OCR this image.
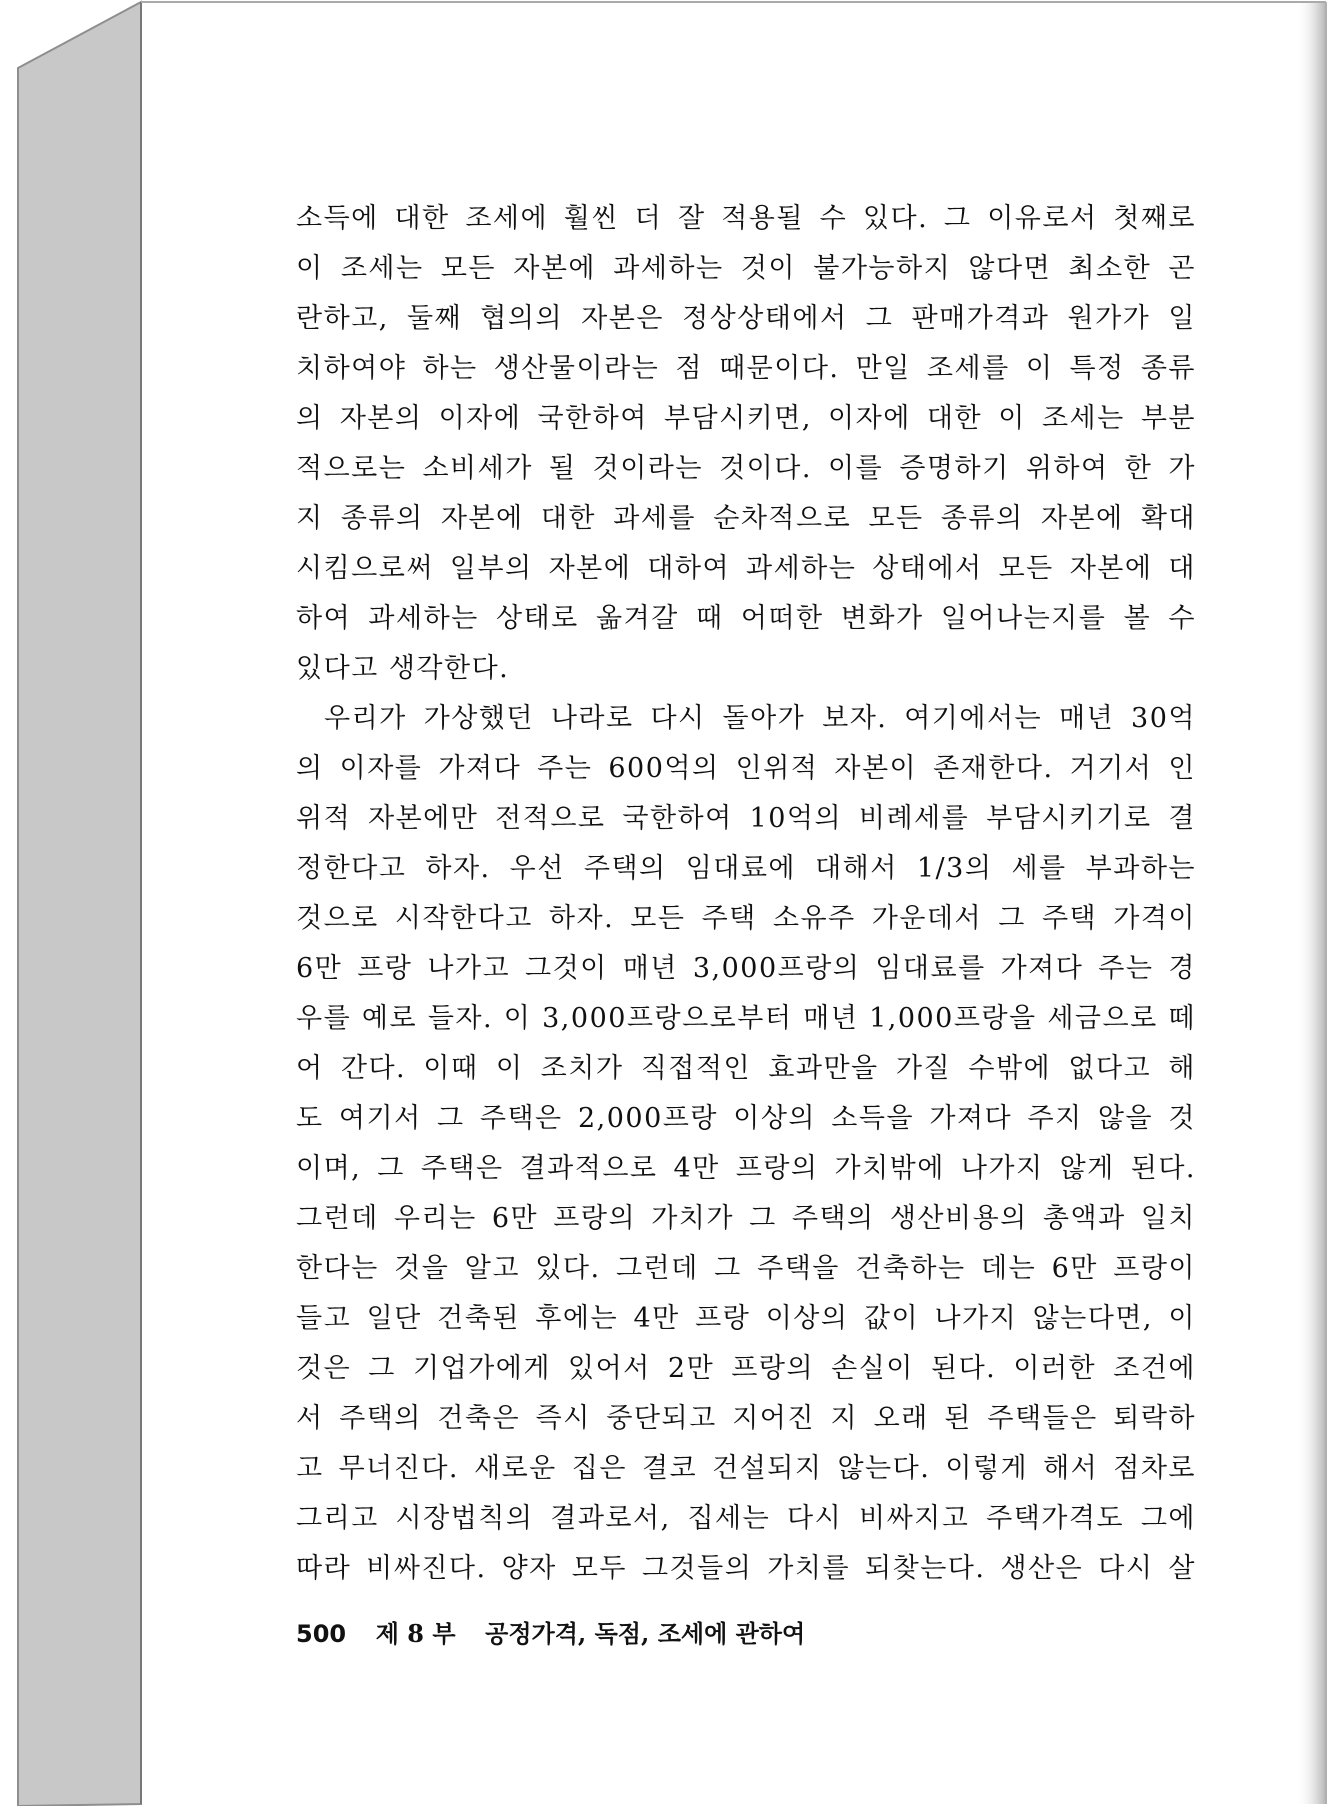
소득에 대한 조세에 훨씬 더 잘 적용될 수 있다. 그 이유로서 첫째로
이 조세는 모든 자본에 과세하는 것이 불가능하지 않다면 최소한 곤
란하고, 둘째 협의의 자본은 정상상태에서 그 판매가격과 원가가 일
치하여야 하는 생산물이라는 점 때문이다. 만일 조세를 이 특정 종류
의 자본의 이자에 국한하여 부담시키면, 이자에 대한 이 조세는 부분
적으로는 소비세가 될 것이라는 것이다. 이를 증명하기 위하여 한 가
지 종류의 자본에 대한 과세를 순차적으로 모든 종류의 자본에 확대
시킴으로써 일부의 자본에 대하여 과세하는 상태에서 모든 자본에 대
하여 과세하는 상태로 옮겨갈 때 어떠한 변화가 일어나는지를 볼 수
있다고 생각한다.
우리가 가상했던 나라로 다시 돌아가 보자. 여기에서는 매년 30억
의 이자를 가져다 주는 600억의 인위적 자본이 존재한다. 거기서 인
위적 자본에만 전적으로 국한하여 10억의 비례세를 부담시키기로 결
정한다고 하자. 우선 주택의 임대료에 대해서 1/3의 세를 부과하는
것으로 시작한다고 하자. 모든 주택 소유주 가운데서 그 주택 가격이
6만 프랑 나가고 그것이 매년 3,000프랑의 임대료를 가져다 주는 경
우를 예로 들자. 이 3,000프랑으로부터 매년 1,000프랑을 세금으로 떼
어 간다. 이때 이 조치가 직접적인 효과만을 가질 수밖에 없다고 해
도 여기서 그 주택은 2,000프랑 이상의 소득을 가져다 주지 않을 것
이며, 그 주택은 결과적으로 4만 프랑의 가치밖에 나가지 않게 된다.
그런데 우리는 6만 프랑의 가치가 그 주택의 생산비용의 총액과 일치
한다는 것을 알고 있다. 그런데 그 주택을 건축하는 데는 6만 프랑이
들고 일단 건축된 후에는 4만 프랑 이상의 값이 나가지 않는다면, 이
것은 그 기업가에게 있어서 2만 프랑의 손실이 된다. 이러한 조건에
서 주택의 건축은 즉시 중단되고 지어진 지 오래 된 주택들은 퇴락하
고 무너진다. 새로운 집은 결코 건설되지 않는다. 이렇게 해서 점차로
그리고 시장법칙의 결과로서, 집세는 다시 비싸지고 주택가격도 그에
따라 비싸진다. 양자 모두 그것들의 가치를 되찾는다. 생산은 다시 살
500 제 8 부 공정가격, 독점, 조세에 관하여
